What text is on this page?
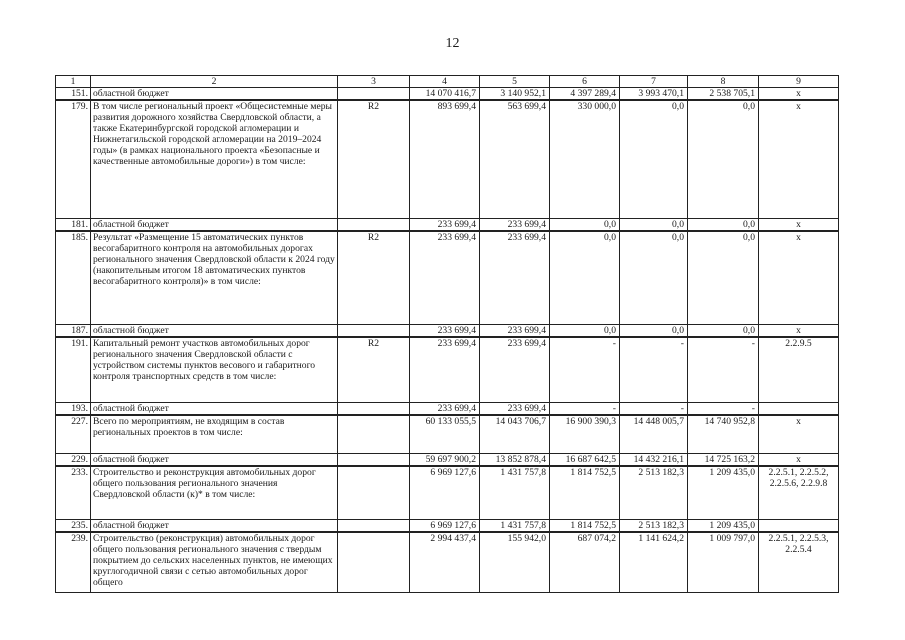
12
1	2	3	4	5	6	7	8	9
151.	областной бюджет		14 070 416,7	3 140 952,1	4 397 289,4	3 993 470,1	2 538 705,1	x
179.	В том числе региональный проект «Общесистемные меры развития дорожного хозяйства Свердловской области, а также Екатеринбургской городской агломерации и Нижнетагильской городской агломерации на 2019–2024 годы» (в рамках национального проекта «Безопасные и качественные автомобильные дороги») в том числе:	R2	893 699,4	563 699,4	330 000,0	0,0	0,0	x
181.	областной бюджет		233 699,4	233 699,4	0,0	0,0	0,0	x
185.	Результат «Размещение 15 автоматических пунктов весогабаритного контроля на автомобильных дорогах регионального значения Свердловской области к 2024 году (накопительным итогом 18 автоматических пунктов весогабаритного контроля)» в том числе:	R2	233 699,4	233 699,4	0,0	0,0	0,0	x
187.	областной бюджет		233 699,4	233 699,4	0,0	0,0	0,0	x
191.	Капитальный ремонт участков автомобильных дорог регионального значения Свердловской области с устройством системы пунктов весового и габаритного контроля транспортных средств в том числе:	R2	233 699,4	233 699,4	-	-	-	2.2.9.5
193.	областной бюджет		233 699,4	233 699,4	-	-	-	
227.	Всего по мероприятиям, не входящим в состав региональных проектов в том числе:		60 133 055,5	14 043 706,7	16 900 390,3	14 448 005,7	14 740 952,8	x
229.	областной бюджет		59 697 900,2	13 852 878,4	16 687 642,5	14 432 216,1	14 725 163,2	x
233.	Строительство и реконструкция автомобильных дорог общего пользования регионального значения Свердловской области (к)* в том числе:		6 969 127,6	1 431 757,8	1 814 752,5	2 513 182,3	1 209 435,0	2.2.5.1, 2.2.5.2, 2.2.5.6, 2.2.9.8
235.	областной бюджет		6 969 127,6	1 431 757,8	1 814 752,5	2 513 182,3	1 209 435,0	
239.	Строительство (реконструкция) автомобильных дорог общего пользования регионального значения с твердым покрытием до сельских населенных пунктов, не имеющих круглогодичной связи с сетью автомобильных дорог общего		2 994 437,4	155 942,0	687 074,2	1 141 624,2	1 009 797,0	2.2.5.1, 2.2.5.3, 2.2.5.4
